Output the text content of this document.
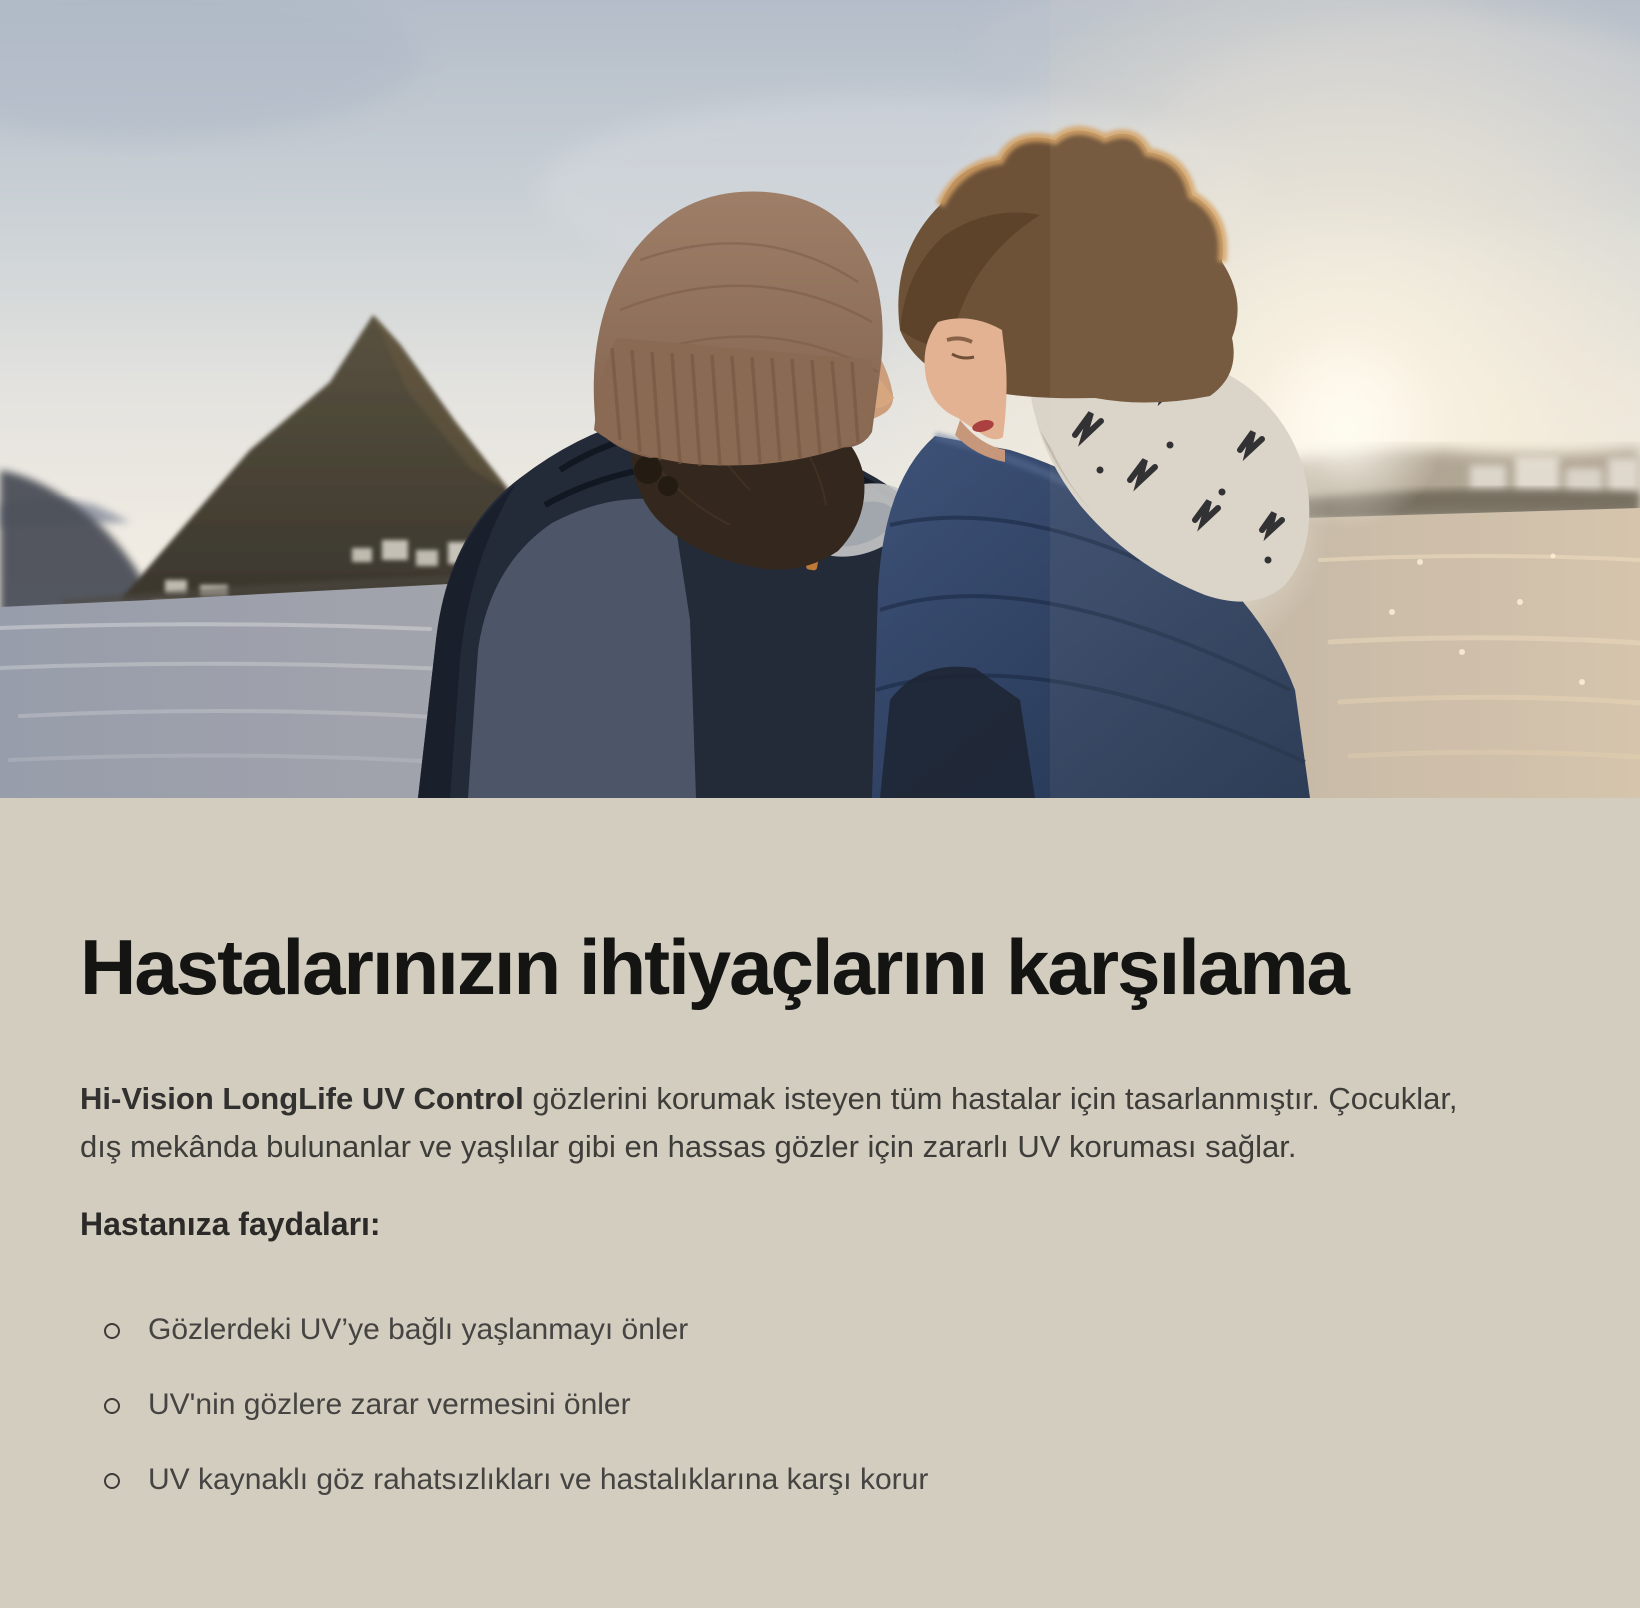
Hastalarınızın ihtiyaçlarını karşılama

Hi-Vision LongLife UV Control gözlerini korumak isteyen tüm hastalar için tasarlanmıştır. Çocuklar, dış mekânda bulunanlar ve yaşlılar gibi en hassas gözler için zararlı UV koruması sağlar.

Hastanıza faydaları:

Gözlerdeki UV’ye bağlı yaşlanmayı önler
UV'nin gözlere zarar vermesini önler
UV kaynaklı göz rahatsızlıkları ve hastalıklarına karşı korur
